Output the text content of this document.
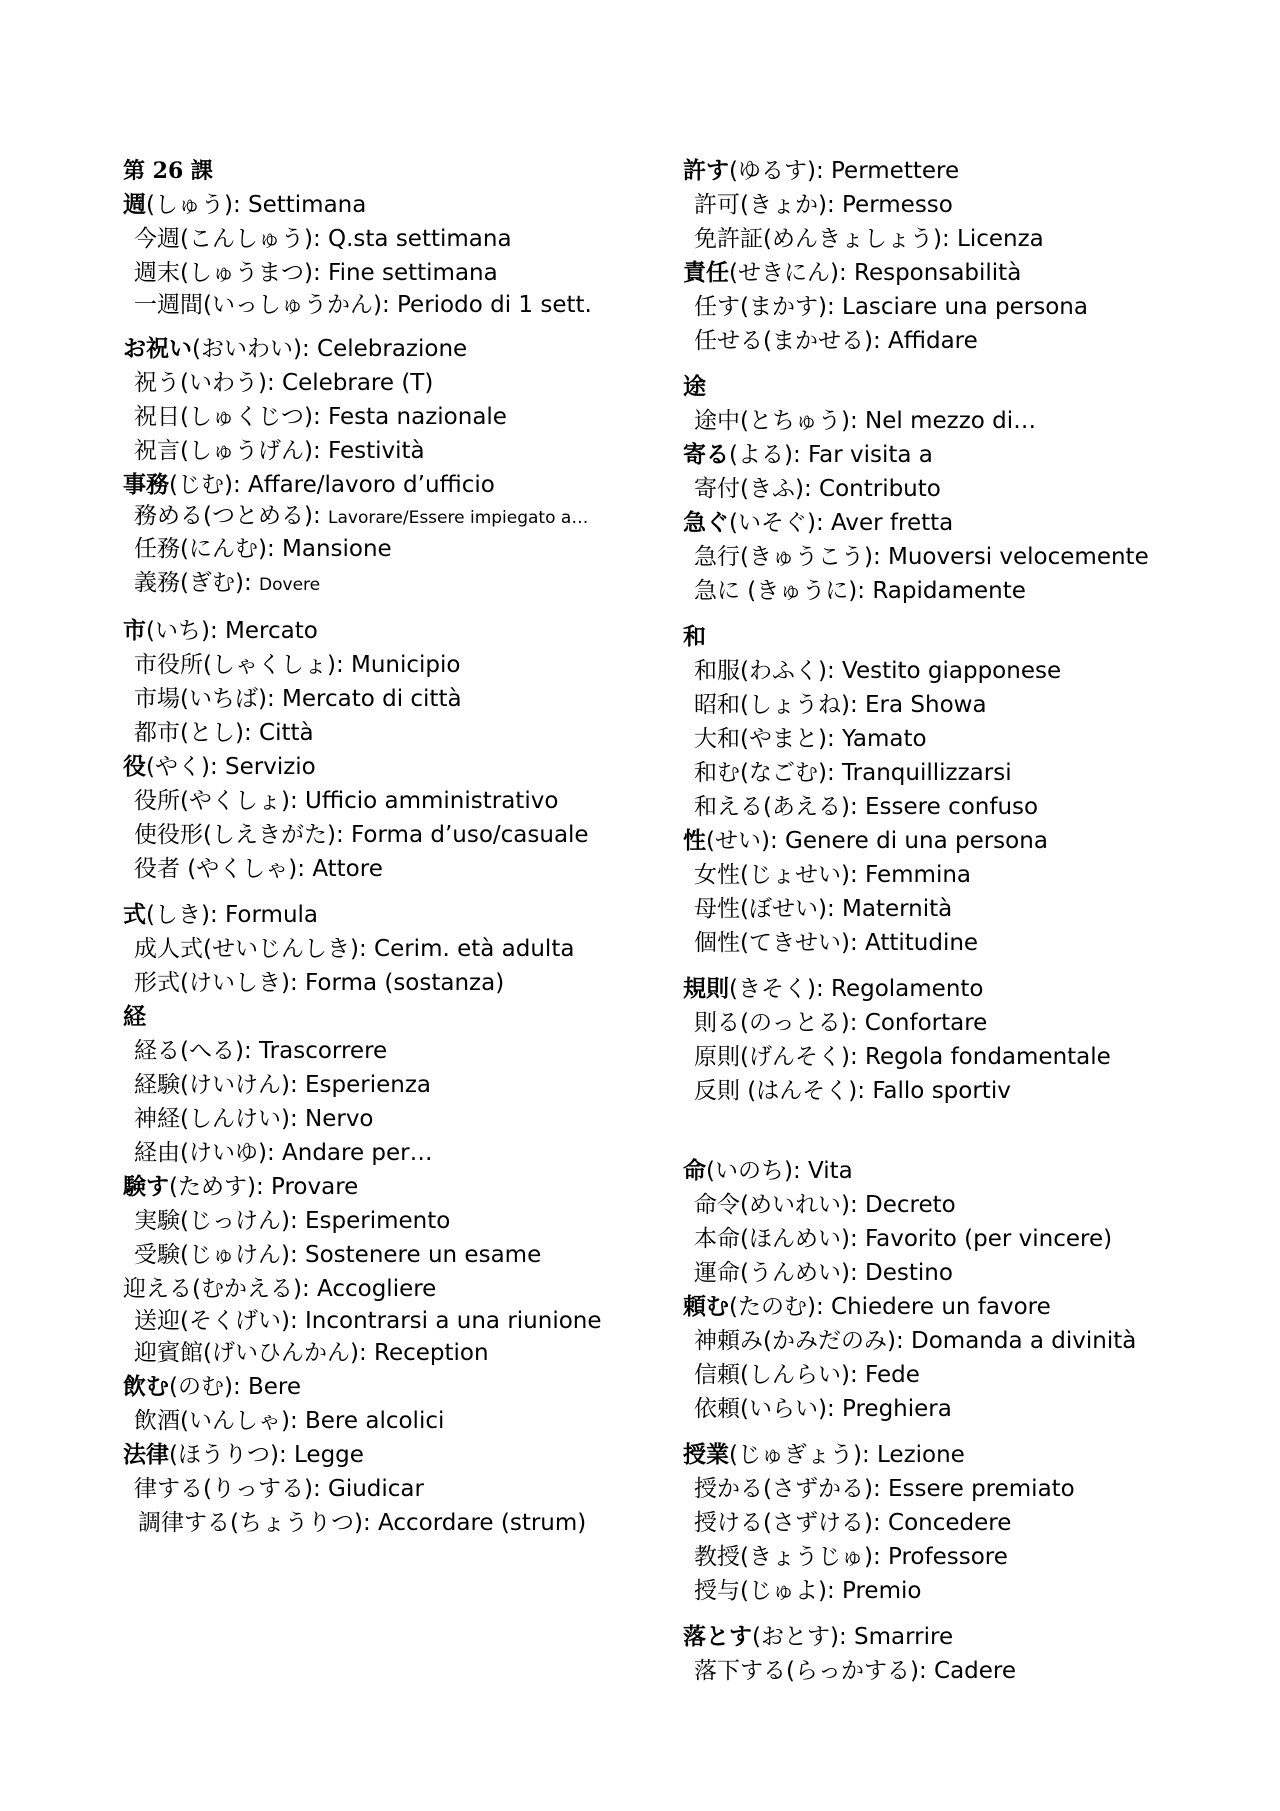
第 26 課
週(しゅう): Settimana
今週(こんしゅう): Q.sta settimana
週末(しゅうまつ): Fine settimana
一週間(いっしゅうかん): Periodo di 1 sett.
お祝い(おいわい): Celebrazione
祝う(いわう): Celebrare (T)
祝日(しゅくじつ): Festa nazionale
祝言(しゅうげん): Festività
事務(じむ): Affare/lavoro d’ufficio
務める(つとめる): Lavorare/Essere impiegato a…
任務(にんむ): Mansione
義務(ぎむ): Dovere
市(いち): Mercato
市役所(しゃくしょ): Municipio
市場(いちば): Mercato di città
都市(とし): Città
役(やく): Servizio
役所(やくしょ): Ufficio amministrativo
使役形(しえきがた): Forma d’uso/casuale
役者 (やくしゃ): Attore
式(しき): Formula
成人式(せいじんしき): Cerim. età adulta
形式(けいしき): Forma (sostanza)
経
経る(へる): Trascorrere
経験(けいけん): Esperienza
神経(しんけい): Nervo
経由(けいゆ): Andare per…
験す(ためす): Provare
実験(じっけん): Esperimento
受験(じゅけん): Sostenere un esame
迎える(むかえる): Accogliere
送迎(そくげい): Incontrarsi a una riunione
迎賓館(げいひんかん): Reception
飲む(のむ): Bere
飲酒(いんしゃ): Bere alcolici
法律(ほうりつ): Legge
律する(りっする): Giudicar
調律する(ちょうりつ): Accordare (strum)
許す(ゆるす): Permettere
許可(きょか): Permesso
免許証(めんきょしょう): Licenza
責任(せきにん): Responsabilità
任す(まかす): Lasciare una persona
任せる(まかせる): Affidare
途
途中(とちゅう): Nel mezzo di…
寄る(よる): Far visita a
寄付(きふ): Contributo
急ぐ(いそぐ): Aver fretta
急行(きゅうこう): Muoversi velocemente
急に (きゅうに): Rapidamente
和
和服(わふく): Vestito giapponese
昭和(しょうね): Era Showa
大和(やまと): Yamato
和む(なごむ): Tranquillizzarsi
和える(あえる): Essere confuso
性(せい): Genere di una persona
女性(じょせい): Femmina
母性(ぼせい): Maternità
個性(てきせい): Attitudine
規則(きそく): Regolamento
則る(のっとる): Confortare
原則(げんそく): Regola fondamentale
反則 (はんそく): Fallo sportiv
命(いのち): Vita
命令(めいれい): Decreto
本命(ほんめい): Favorito (per vincere)
運命(うんめい): Destino
頼む(たのむ): Chiedere un favore
神頼み(かみだのみ): Domanda a divinità
信頼(しんらい): Fede
依頼(いらい): Preghiera
授業(じゅぎょう): Lezione
授かる(さずかる): Essere premiato
授ける(さずける): Concedere
教授(きょうじゅ): Professore
授与(じゅよ): Premio
落とす(おとす): Smarrire
落下する(らっかする): Cadere
